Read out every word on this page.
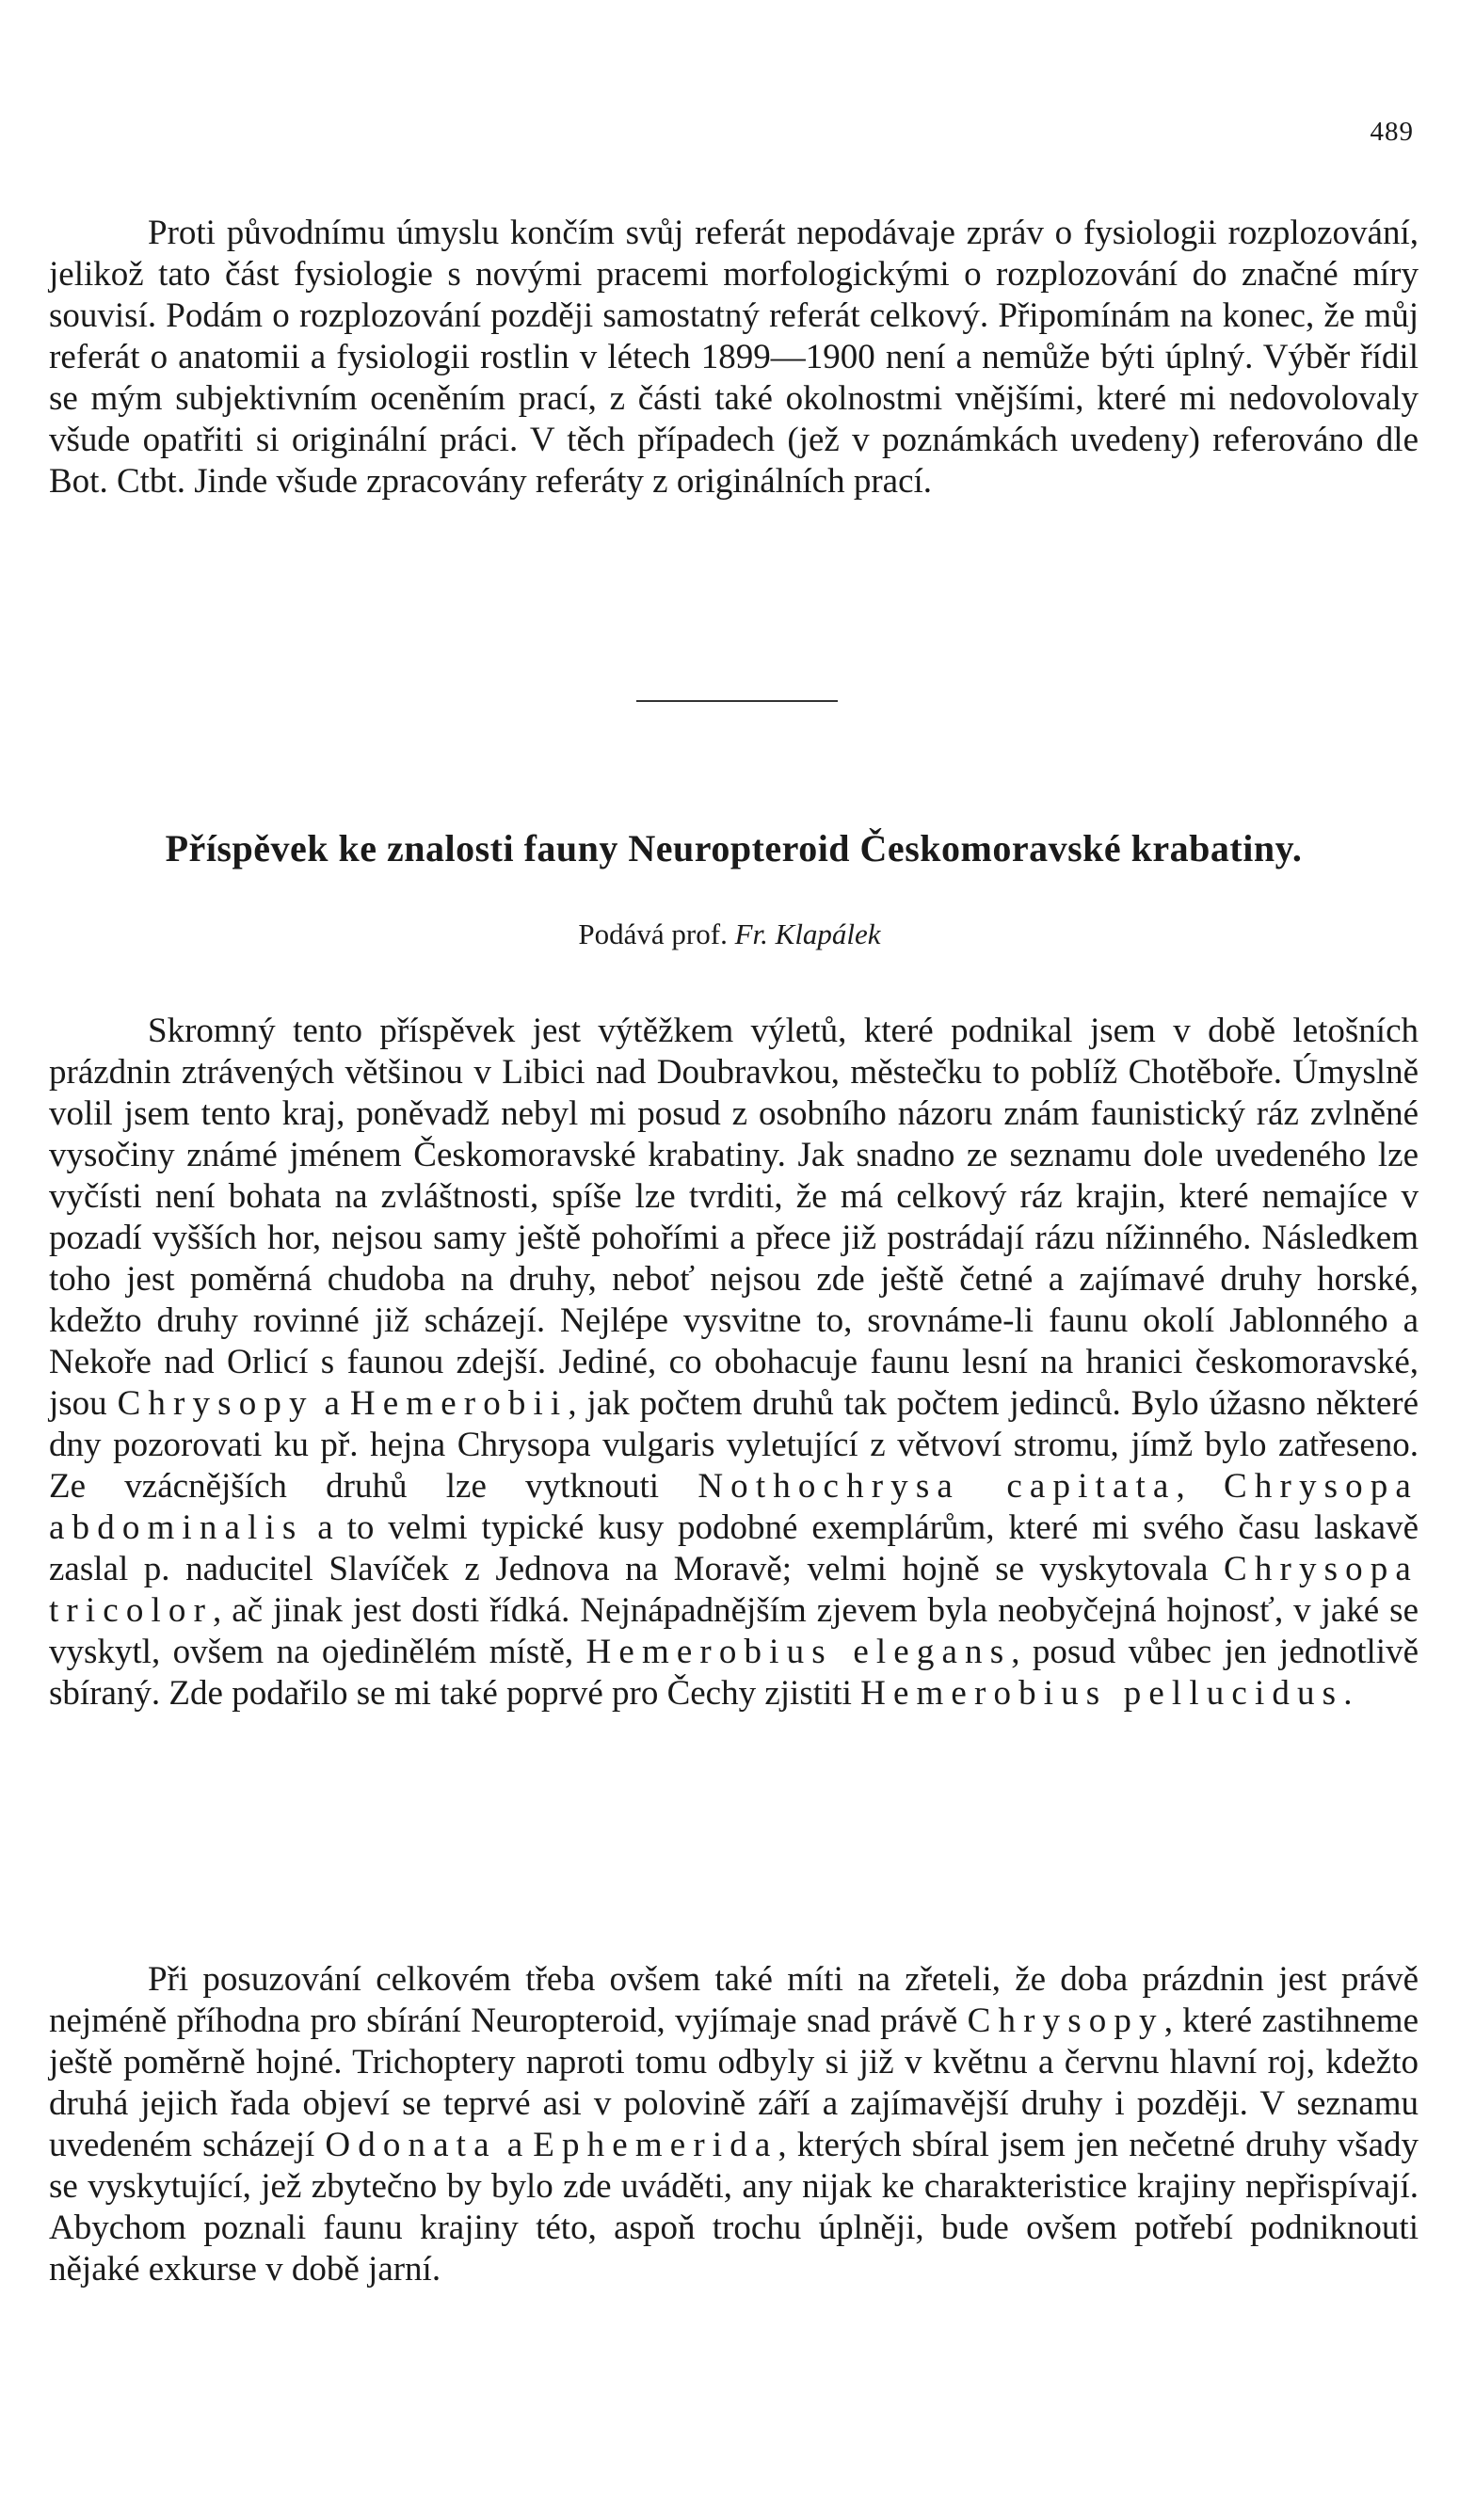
489

Proti původnímu úmyslu končím svůj referát nepodávaje zpráv o fysiologii rozplozování, jelikož tato část fysiologie s novými pracemi morfologickými o rozplozování do značné míry souvisí. Podám o rozplozování později samostatný referát celkový. Připomínám na konec, že můj referát o anatomii a fysiologii rostlin v létech 1899—1900 není a nemůže býti úplný. Výběr řídil se mým subjektivním oceněním prací, z části také okolnostmi vnějšími, které mi nedovolovaly všude opatřiti si originální práci. V těch případech (jež v poznámkách uvedeny) referováno dle Bot. Ctbt. Jinde všude zpracovány referáty z originálních prací.

Příspěvek ke znalosti fauny Neuropteroid Českomoravské krabatiny.

Podává prof. Fr. Klapálek

Skromný tento příspěvek jest výtěžkem výletů, které podnikal jsem v době letošních prázdnin ztrávených většinou v Libici nad Doubravkou, městečku to poblíž Chotěboře. Úmyslně volil jsem tento kraj, poněvadž nebyl mi posud z osobního názoru znám faunistický ráz zvlněné vysočiny známé jménem Českomoravské krabatiny. Jak snadno ze seznamu dole uvedeného lze vyčísti není bohata na zvláštnosti, spíše lze tvrditi, že má celkový ráz krajin, které nemajíce v pozadí vyšších hor, nejsou samy ještě pohořími a přece již postrádají rázu nížinného. Následkem toho jest poměrná chudoba na druhy, neboť nejsou zde ještě četné a zajímavé druhy horské, kdežto druhy rovinné již scházejí. Nejlépe vysvitne to, srovnáme-li faunu okolí Jablonného a Nekoře nad Orlicí s faunou zdejší. Jediné, co obohacuje faunu lesní na hranici českomoravské, jsou Chrysopy a Hemerobii, jak počtem druhů tak počtem jedinců. Bylo úžasno některé dny pozorovati ku př. hejna Chrysopa vulgaris vyletující z větvoví stromu, jímž bylo zatřeseno. Ze vzácnějších druhů lze vytknouti Nothochrysa capitata, Chrysopa abdominalis a to velmi typické kusy podobné exemplárům, které mi svého času laskavě zaslal p. naducitel Slavíček z Jednova na Moravě; velmi hojně se vyskytovala Chrysopa tricolor, ač jinak jest dosti řídká. Nejnápadnějším zjevem byla neobyčejná hojnosť, v jaké se vyskytl, ovšem na ojedinělém místě, Hemerobius elegans, posud vůbec jen jednotlivě sbíraný. Zde podařilo se mi také poprvé pro Čechy zjistiti Hemerobius pellucidus.

Při posuzování celkovém třeba ovšem také míti na zřeteli, že doba prázdnin jest právě nejméně příhodna pro sbírání Neuropteroid, vyjímaje snad právě Chrysopy, které zastihneme ještě poměrně hojné. Trichoptery naproti tomu odbyly si již v květnu a červnu hlavní roj, kdežto druhá jejich řada objeví se teprvé asi v polovině září a zajímavější druhy i později. V seznamu uvedeném scházejí Odonata a Ephemerida, kterých sbíral jsem jen nečetné druhy všady se vyskytující, jež zbytečno by bylo zde uváděti, any nijak ke charakteristice krajiny nepřispívají. Abychom poznali faunu krajiny této, aspoň trochu úplněji, bude ovšem potřebí podniknouti nějaké exkurse v době jarní.
